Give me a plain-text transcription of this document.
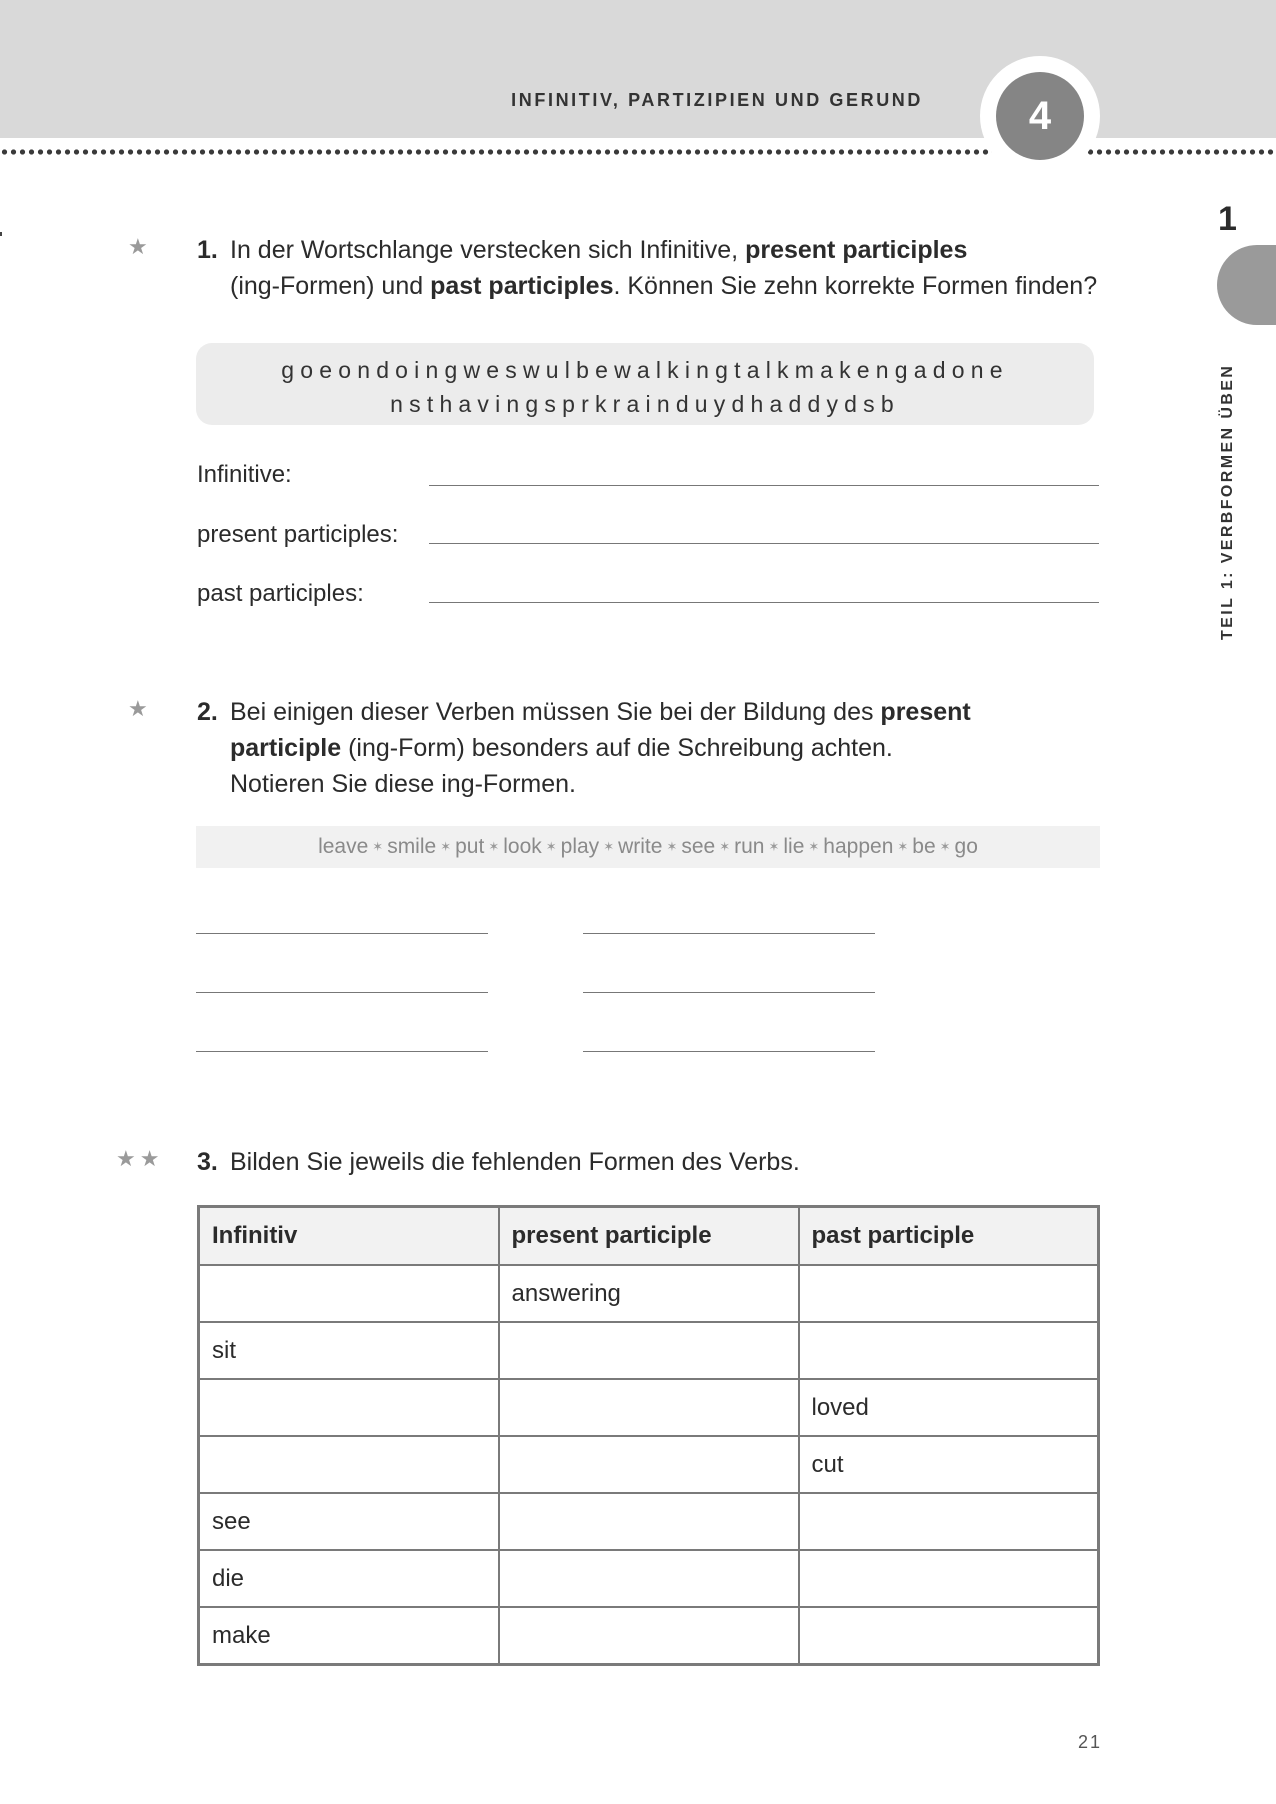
INFINITIV, PARTIZIPIEN UND GERUND	4
1
TEIL 1: VERBFORMEN ÜBEN
★ 1. In der Wortschlange verstecken sich Infinitive, present participles
(ing-Formen) und past participles. Können Sie zehn korrekte Formen finden?
goeondoingweswulbewalkingtalkmakengadone
nsthavingsprkrainduydhaddydsb
Infinitive:
present participles:
past participles:
★ 2. Bei einigen dieser Verben müssen Sie bei der Bildung des present
participle (ing-Form) besonders auf die Schreibung achten.
Notieren Sie diese ing-Formen.
leave ✶ smile ✶ put ✶ look ✶ play ✶ write ✶ see ✶ run ✶ lie ✶ happen ✶ be ✶ go
★★ 3. Bilden Sie jeweils die fehlenden Formen des Verbs.
Infinitiv	present participle	past participle
	answering	
sit		
		loved
		cut
see		
die		
make		
21
